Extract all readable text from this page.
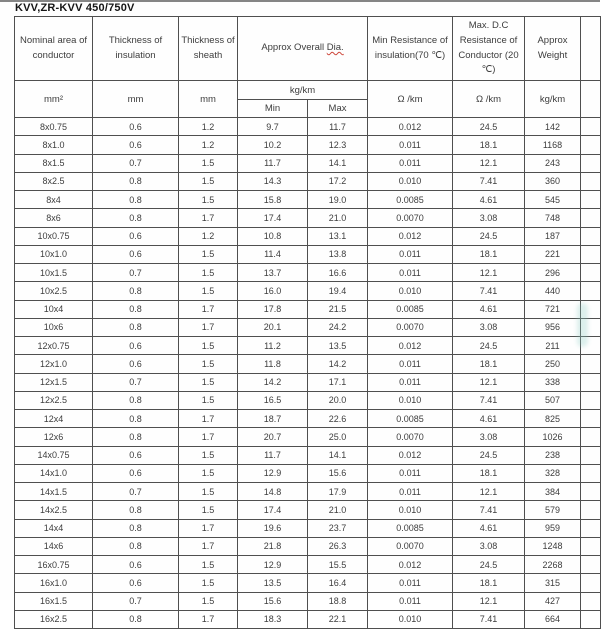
KVV,ZR-KVV 450/750V
Nominal area of conductor	Thickness of insulation	Thickness of sheath	Approx Overall Dia.		Min Resistance of insulation(70 ℃)	Max. D.C Resistance of Conductor (20 ℃)	Approx Weight	
mm²	mm	mm	kg/km		Ω /km	Ω /km	kg/km	
			Min	Max				
8x0.75	0.6	1.2	9.7	11.7	0.012	24.5	142	
8x1.0	0.6	1.2	10.2	12.3	0.011	18.1	1168	
8x1.5	0.7	1.5	11.7	14.1	0.011	12.1	243	
8x2.5	0.8	1.5	14.3	17.2	0.010	7.41	360	
8x4	0.8	1.5	15.8	19.0	0.0085	4.61	545	
8x6	0.8	1.7	17.4	21.0	0.0070	3.08	748	
10x0.75	0.6	1.2	10.8	13.1	0.012	24.5	187	
10x1.0	0.6	1.5	11.4	13.8	0.011	18.1	221	
10x1.5	0.7	1.5	13.7	16.6	0.011	12.1	296	
10x2.5	0.8	1.5	16.0	19.4	0.010	7.41	440	
10x4	0.8	1.7	17.8	21.5	0.0085	4.61	721	
10x6	0.8	1.7	20.1	24.2	0.0070	3.08	956	
12x0.75	0.6	1.5	11.2	13.5	0.012	24.5	211	
12x1.0	0.6	1.5	11.8	14.2	0.011	18.1	250	
12x1.5	0.7	1.5	14.2	17.1	0.011	12.1	338	
12x2.5	0.8	1.5	16.5	20.0	0.010	7.41	507	
12x4	0.8	1.7	18.7	22.6	0.0085	4.61	825	
12x6	0.8	1.7	20.7	25.0	0.0070	3.08	1026	
14x0.75	0.6	1.5	11.7	14.1	0.012	24.5	238	
14x1.0	0.6	1.5	12.9	15.6	0.011	18.1	328	
14x1.5	0.7	1.5	14.8	17.9	0.011	12.1	384	
14x2.5	0.8	1.5	17.4	21.0	0.010	7.41	579	
14x4	0.8	1.7	19.6	23.7	0.0085	4.61	959	
14x6	0.8	1.7	21.8	26.3	0.0070	3.08	1248	
16x0.75	0.6	1.5	12.9	15.5	0.012	24.5	2268	
16x1.0	0.6	1.5	13.5	16.4	0.011	18.1	315	
16x1.5	0.7	1.5	15.6	18.8	0.011	12.1	427	
16x2.5	0.8	1.7	18.3	22.1	0.010	7.41	664	
